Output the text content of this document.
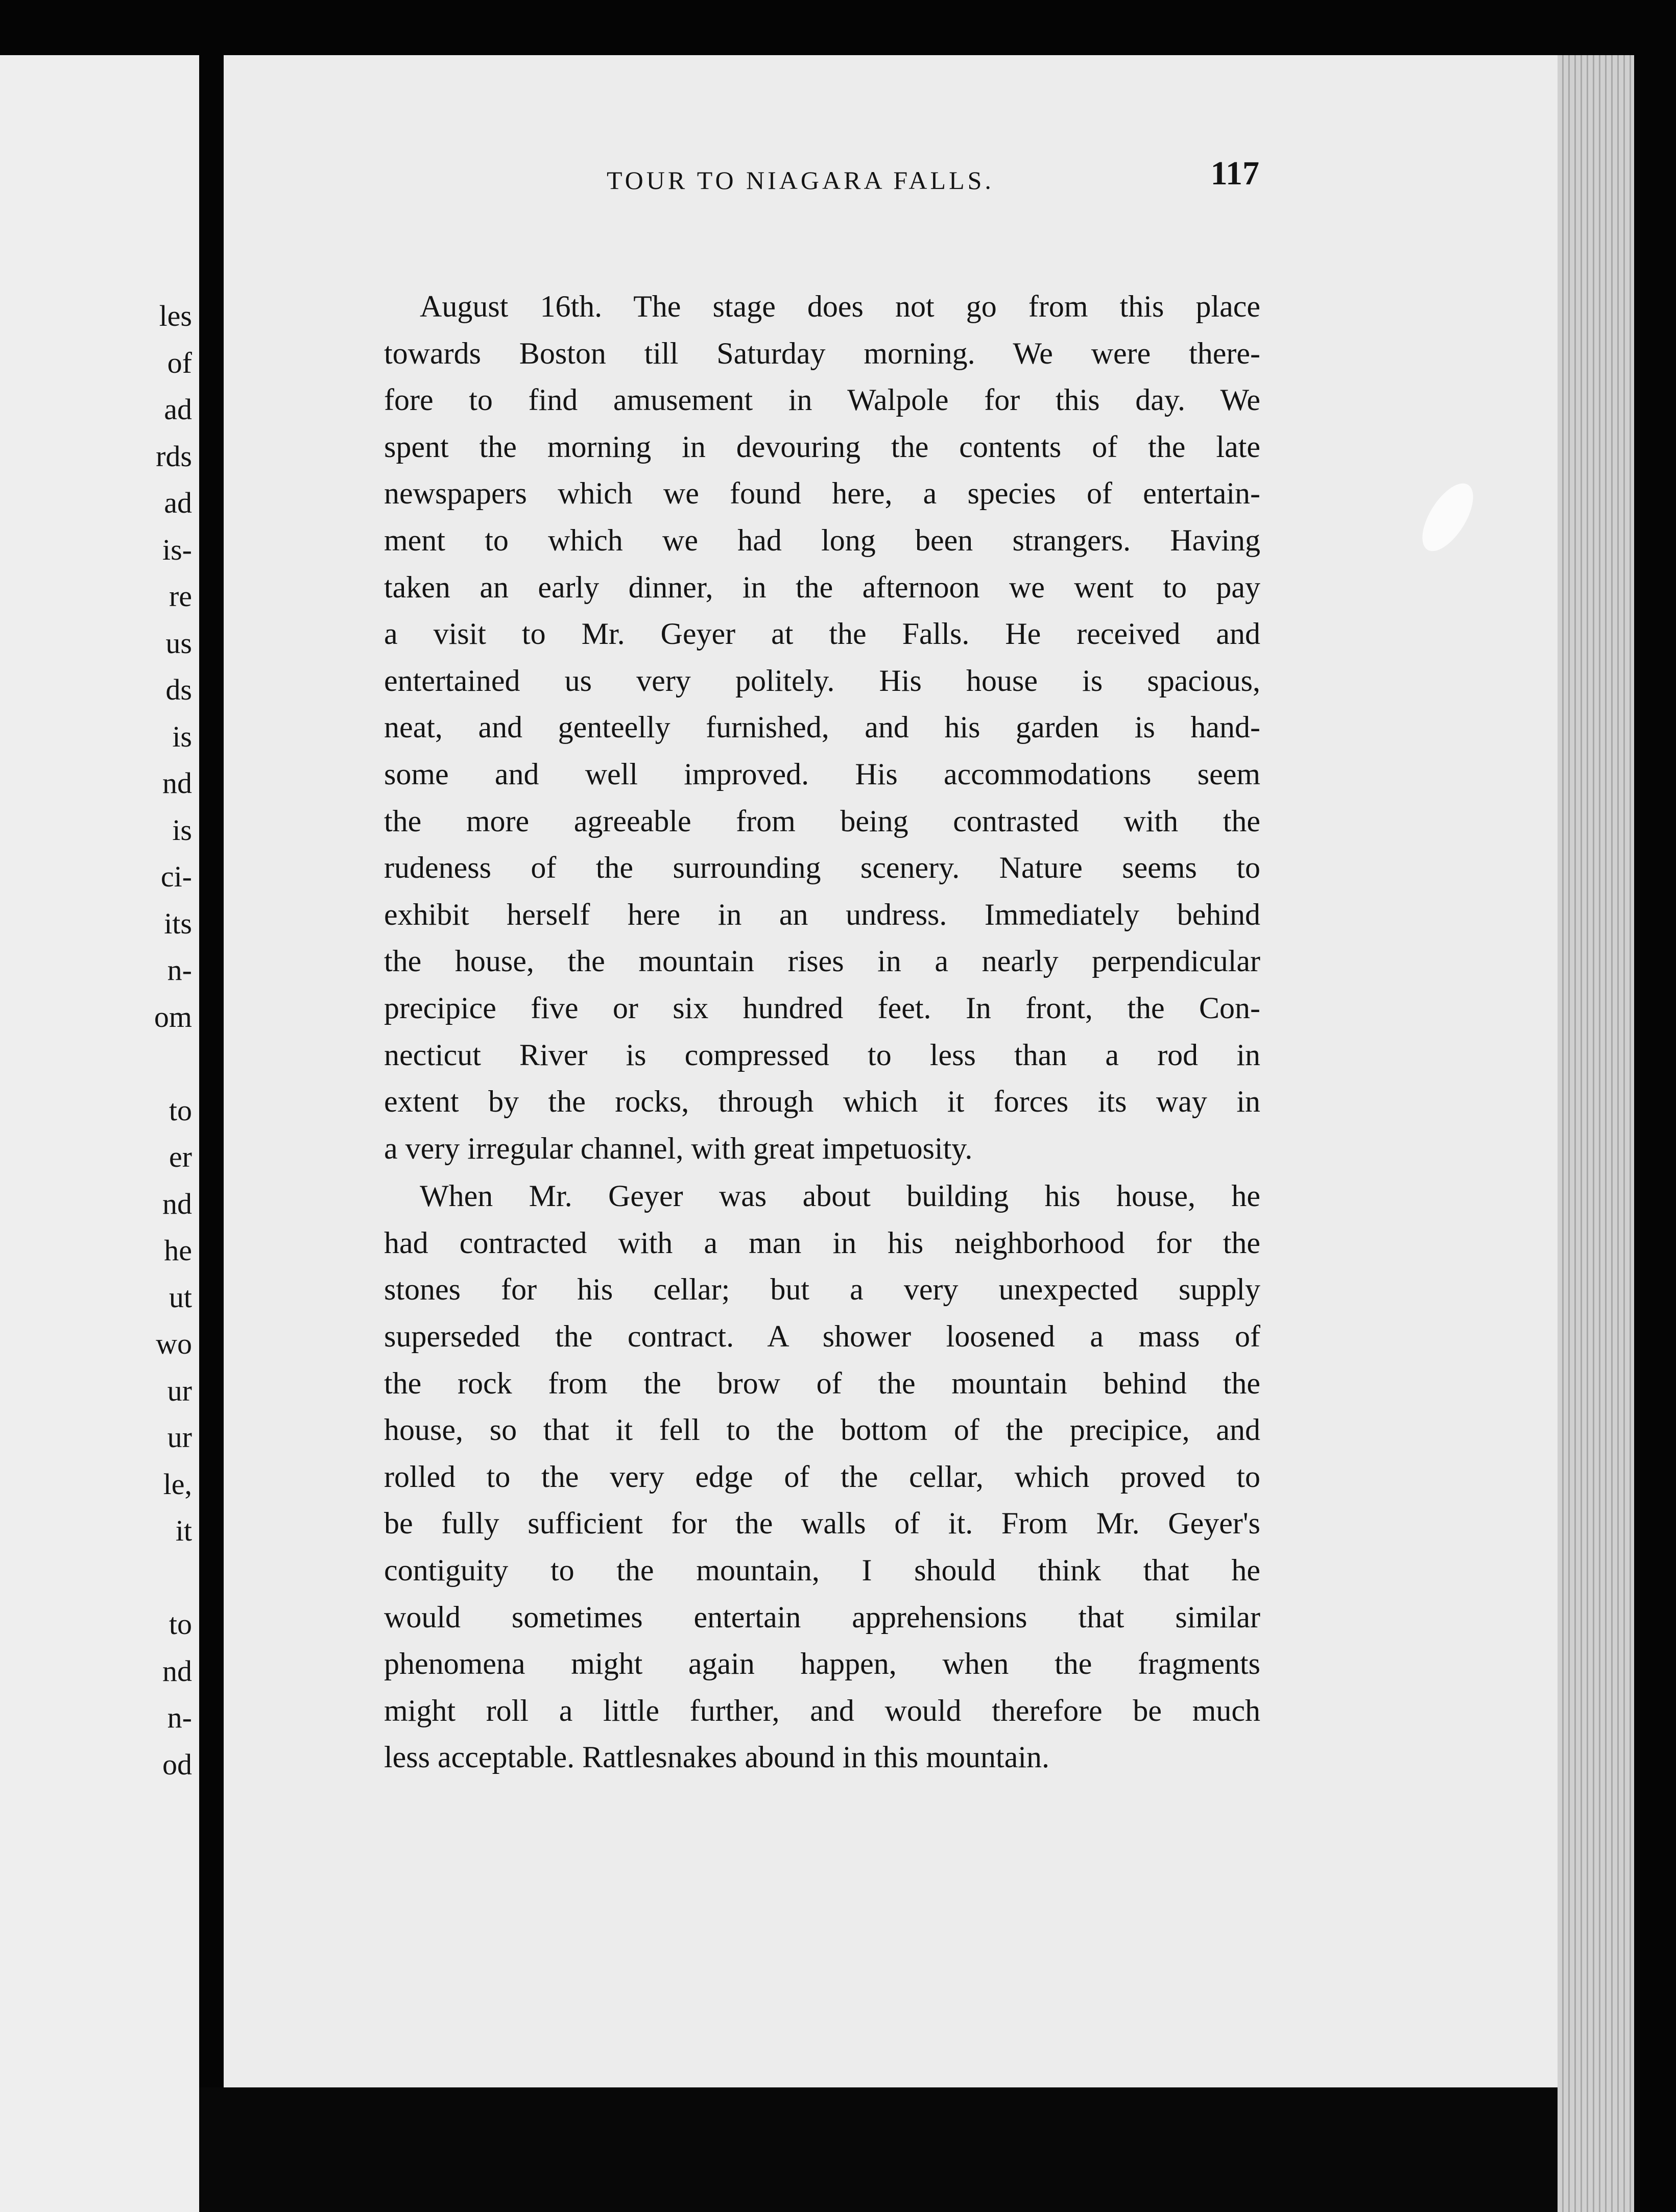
les
of
ad
rds
ad
is-
re
us
ds
is
nd
is
ci-
its
n-
om
to
er
nd
he
ut
wo
ur
ur
le,
it
to
nd
n-
od
TOUR TO NIAGARA FALLS.	117
August 16th. The stage does not go from this place
towards Boston till Saturday morning. We were there-
fore to find amusement in Walpole for this day. We
spent the morning in devouring the contents of the late
newspapers which we found here, a species of entertain-
ment to which we had long been strangers. Having
taken an early dinner, in the afternoon we went to pay
a visit to Mr. Geyer at the Falls. He received and
entertained us very politely. His house is spacious,
neat, and genteelly furnished, and his garden is hand-
some and well improved. His accommodations seem
the more agreeable from being contrasted with the
rudeness of the surrounding scenery. Nature seems to
exhibit herself here in an undress. Immediately behind
the house, the mountain rises in a nearly perpendicular
precipice five or six hundred feet. In front, the Con-
necticut River is compressed to less than a rod in
extent by the rocks, through which it forces its way in
a very irregular channel, with great impetuosity.
When Mr. Geyer was about building his house, he
had contracted with a man in his neighborhood for the
stones for his cellar; but a very unexpected supply
superseded the contract. A shower loosened a mass of
the rock from the brow of the mountain behind the
house, so that it fell to the bottom of the precipice, and
rolled to the very edge of the cellar, which proved to
be fully sufficient for the walls of it. From Mr. Geyer's
contiguity to the mountain, I should think that he
would sometimes entertain apprehensions that similar
phenomena might again happen, when the fragments
might roll a little further, and would therefore be much
less acceptable. Rattlesnakes abound in this mountain.
